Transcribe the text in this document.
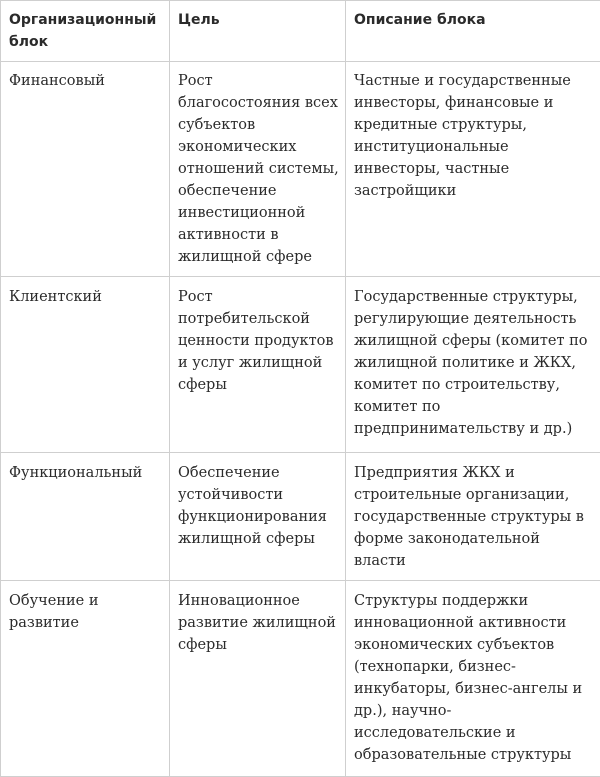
Организационный блок	Цель	Описание блока
Финансовый	Рост благосостояния всех субъектов экономических отношений системы, обеспечение инвестиционной активности в жилищной сфере	Частные и государственные инвесторы, финансовые и кредитные структуры, институциональные инвесторы, частные застройщики
Клиентский	Рост потребительской ценности продуктов и услуг жилищной сферы	Государственные структуры, регулирующие деятельность жилищной сферы (комитет по жилищной политике и ЖКХ, комитет по строительству, комитет по предпринимательству и др.)
Функциональный	Обеспечение устойчивости функционирования жилищной сферы	Предприятия ЖКХ и строительные организации, государственные структуры в форме законодательной власти
Обучение и развитие	Инновационное развитие жилищной сферы	Структуры поддержки инновационной активности экономических субъектов (технопарки, бизнес-инкубаторы, бизнес-ангелы и др.), научно-исследовательские и образовательные структуры
